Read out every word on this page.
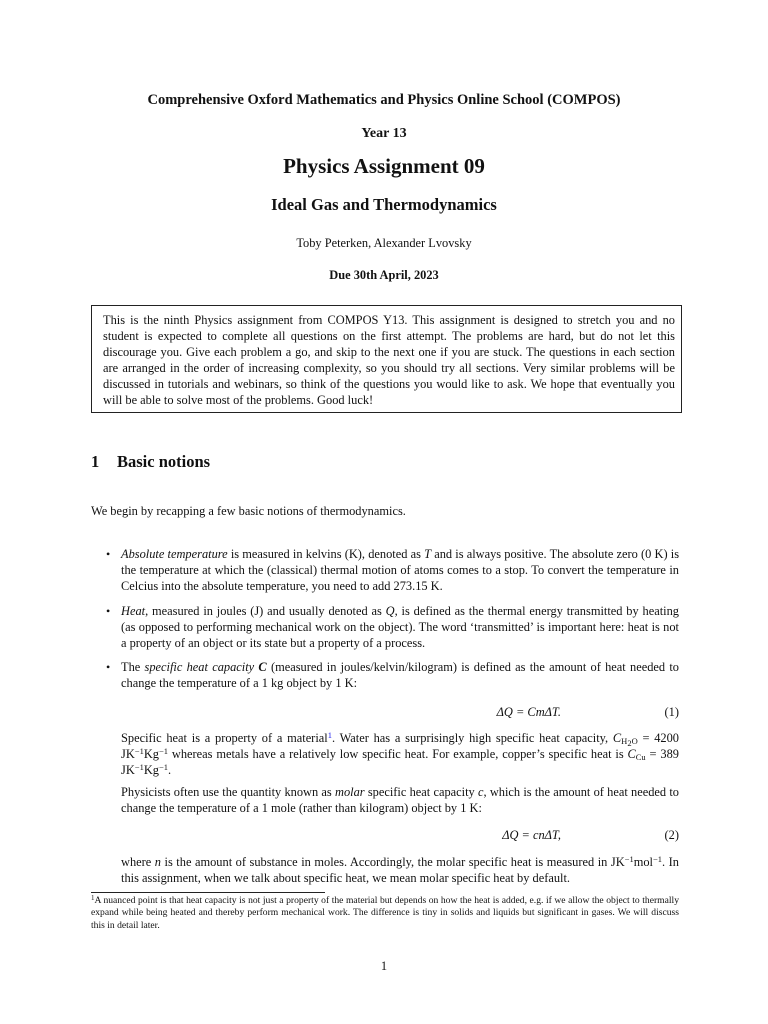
Comprehensive Oxford Mathematics and Physics Online School (COMPOS)
Year 13
Physics Assignment 09
Ideal Gas and Thermodynamics
Toby Peterken, Alexander Lvovsky
Due 30th April, 2023

This is the ninth Physics assignment from COMPOS Y13. This assignment is designed to stretch you and no student is expected to complete all questions on the first attempt. The problems are hard, but do not let this discourage you. Give each problem a go, and skip to the next one if you are stuck. The questions in each section are arranged in the order of increasing complexity, so you should try all sections. Very similar problems will be discussed in tutorials and webinars, so think of the questions you would like to ask. We hope that eventually you will be able to solve most of the problems. Good luck!

1 Basic notions

We begin by recapping a few basic notions of thermodynamics.

• Absolute temperature is measured in kelvins (K), denoted as T and is always positive. The absolute zero (0 K) is the temperature at which the (classical) thermal motion of atoms comes to a stop. To convert the temperature in Celcius into the absolute temperature, you need to add 273.15 K.

• Heat, measured in joules (J) and usually denoted as Q, is defined as the thermal energy transmitted by heating (as opposed to performing mechanical work on the object). The word ‘transmitted’ is important here: heat is not a property of an object or its state but a property of a process.

• The specific heat capacity C (measured in joules/kelvin/kilogram) is defined as the amount of heat needed to change the temperature of a 1 kg object by 1 K:

ΔQ = CmΔT.	(1)

Specific heat is a property of a material$^1$. Water has a surprisingly high specific heat capacity, $C_{H_2O} = 4200$ $JK^{-1}Kg^{-1}$ whereas metals have a relatively low specific heat. For example, copper’s specific heat is $C_{Cu} = 389$ $JK^{-1}Kg^{-1}$.

Physicists often use the quantity known as molar specific heat capacity c, which is the amount of heat needed to change the temperature of a 1 mole (rather than kilogram) object by 1 K:

ΔQ = cnΔT,	(2)

where n is the amount of substance in moles. Accordingly, the molar specific heat is measured in $JK^{-1}mol^{-1}$. In this assignment, when we talk about specific heat, we mean molar specific heat by default.

$^1$A nuanced point is that heat capacity is not just a property of the material but depends on how the heat is added, e.g. if we allow the object to thermally expand while being heated and thereby perform mechanical work. The difference is tiny in solids and liquids but significant in gases. We will discuss this in detail later.

1
